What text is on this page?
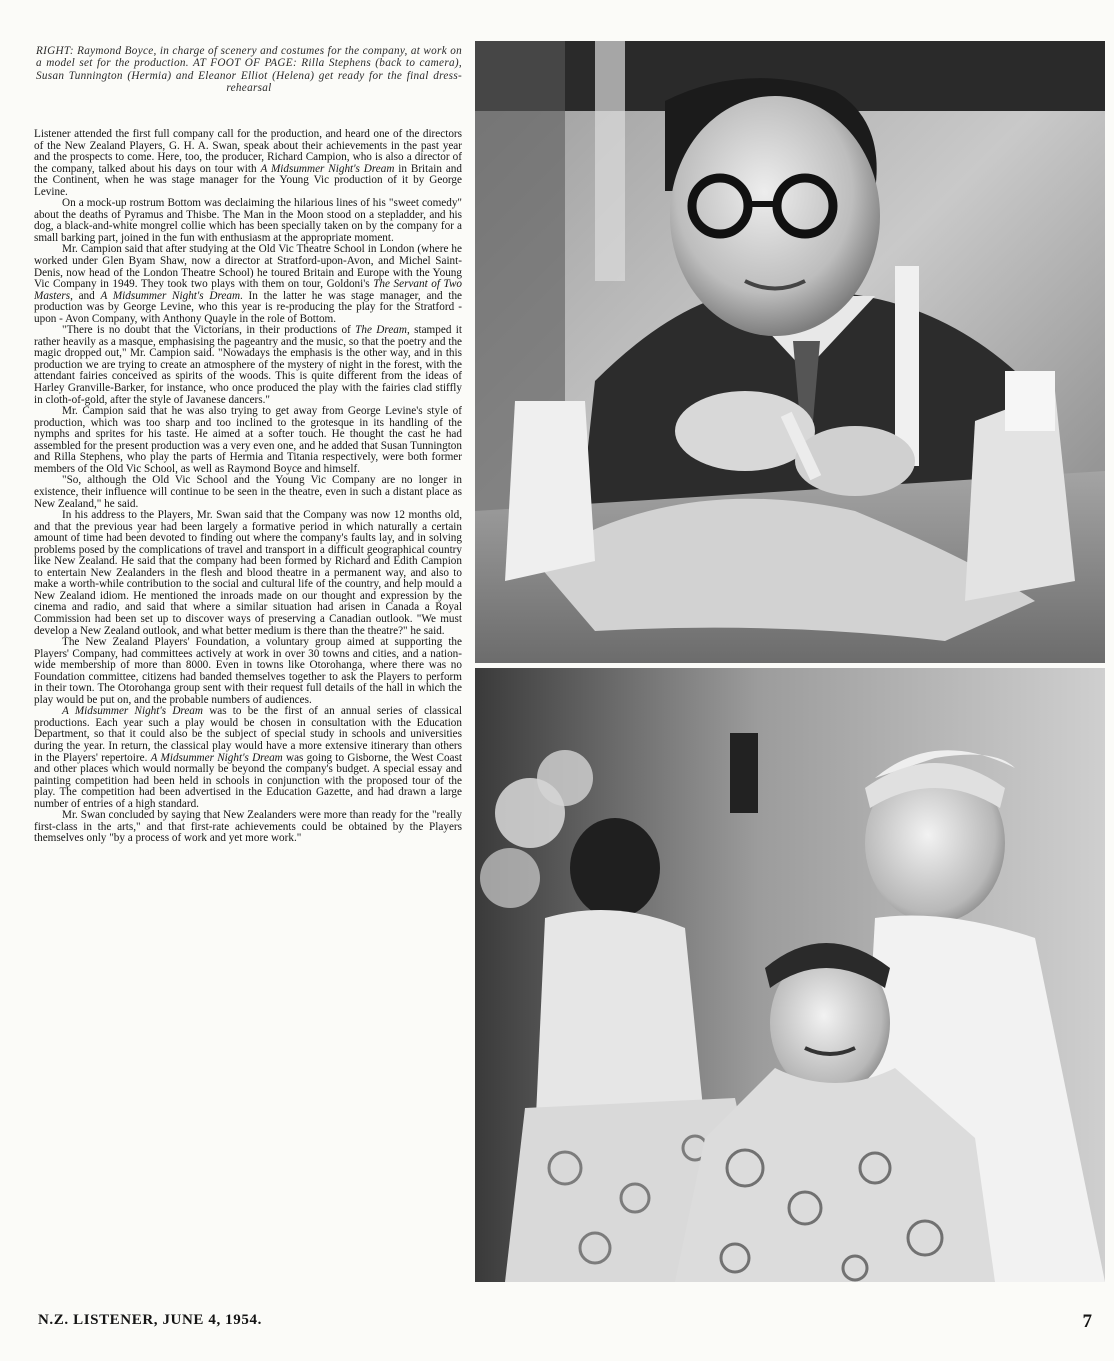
RIGHT: Raymond Boyce, in charge of scenery and costumes for the company, at work on a model set for the production. AT FOOT OF PAGE: Rilla Stephens (back to camera), Susan Tunnington (Hermia) and Eleanor Elliot (Helena) get ready for the final dress-rehearsal

Listener attended the first full company call for the production, and heard one of the directors of the New Zealand Players, G. H. A. Swan, speak about their achievements in the past year and the prospects to come. Here, too, the producer, Richard Campion, who is also a director of the company, talked about his days on tour with A Midsummer Night's Dream in Britain and the Continent, when he was stage manager for the Young Vic production of it by George Levine.

On a mock-up rostrum Bottom was declaiming the hilarious lines of his "sweet comedy" about the deaths of Pyramus and Thisbe. The Man in the Moon stood on a stepladder, and his dog, a black-and-white mongrel collie which has been specially taken on by the company for a small barking part, joined in the fun with enthusiasm at the appropriate moment.

Mr. Campion said that after studying at the Old Vic Theatre School in London (where he worked under Glen Byam Shaw, now a director at Stratford-upon-Avon, and Michel Saint-Denis, now head of the London Theatre School) he toured Britain and Europe with the Young Vic Company in 1949. They took two plays with them on tour, Goldoni's The Servant of Two Masters, and A Midsummer Night's Dream. In the latter he was stage manager, and the production was by George Levine, who this year is re-producing the play for the Stratford - upon - Avon Company, with Anthony Quayle in the role of Bottom.

"There is no doubt that the Victorians, in their productions of The Dream, stamped it rather heavily as a masque, emphasising the pageantry and the music, so that the poetry and the magic dropped out," Mr. Campion said. "Nowadays the emphasis is the other way, and in this production we are trying to create an atmosphere of the mystery of night in the forest, with the attendant fairies conceived as spirits of the woods. This is quite different from the ideas of Harley Granville-Barker, for instance, who once produced the play with the fairies clad stiffly in cloth-of-gold, after the style of Javanese dancers."

Mr. Campion said that he was also trying to get away from George Levine's style of production, which was too sharp and too inclined to the grotesque in its handling of the nymphs and sprites for his taste. He aimed at a softer touch. He thought the cast he had assembled for the present production was a very even one, and he added that Susan Tunnington and Rilla Stephens, who play the parts of Hermia and Titania respectively, were both former members of the Old Vic School, as well as Raymond Boyce and himself.

"So, although the Old Vic School and the Young Vic Company are no longer in existence, their influence will continue to be seen in the theatre, even in such a distant place as New Zealand," he said.

In his address to the Players, Mr. Swan said that the Company was now 12 months old, and that the previous year had been largely a formative period in which naturally a certain amount of time had been devoted to finding out where the company's faults lay, and in solving problems posed by the complications of travel and transport in a difficult geographical country like New Zealand. He said that the company had been formed by Richard and Edith Campion to entertain New Zealanders in the flesh and blood theatre in a permanent way, and also to make a worth-while contribution to the social and cultural life of the country, and help mould a New Zealand idiom. He mentioned the inroads made on our thought and expression by the cinema and radio, and said that where a similar situation had arisen in Canada a Royal Commission had been set up to discover ways of preserving a Canadian outlook. "We must develop a New Zealand outlook, and what better medium is there than the theatre?" he said.

The New Zealand Players' Foundation, a voluntary group aimed at supporting the Players' Company, had committees actively at work in over 30 towns and cities, and a nation-wide membership of more than 8000. Even in towns like Otorohanga, where there was no Foundation committee, citizens had banded themselves together to ask the Players to perform in their town. The Otorohanga group sent with their request full details of the hall in which the play would be put on, and the probable numbers of audiences.

A Midsummer Night's Dream was to be the first of an annual series of classical productions. Each year such a play would be chosen in consultation with the Education Department, so that it could also be the subject of special study in schools and universities during the year. In return, the classical play would have a more extensive itinerary than others in the Players' repertoire. A Midsummer Night's Dream was going to Gisborne, the West Coast and other places which would normally be beyond the company's budget. A special essay and painting competition had been held in schools in conjunction with the proposed tour of the play. The competition had been advertised in the Education Gazette, and had drawn a large number of entries of a high standard.

Mr. Swan concluded by saying that New Zealanders were more than ready for the "really first-class in the arts," and that first-rate achievements could be obtained by the Players themselves only "by a process of work and yet more work."

N.Z. LISTENER, JUNE 4, 1954.	7
